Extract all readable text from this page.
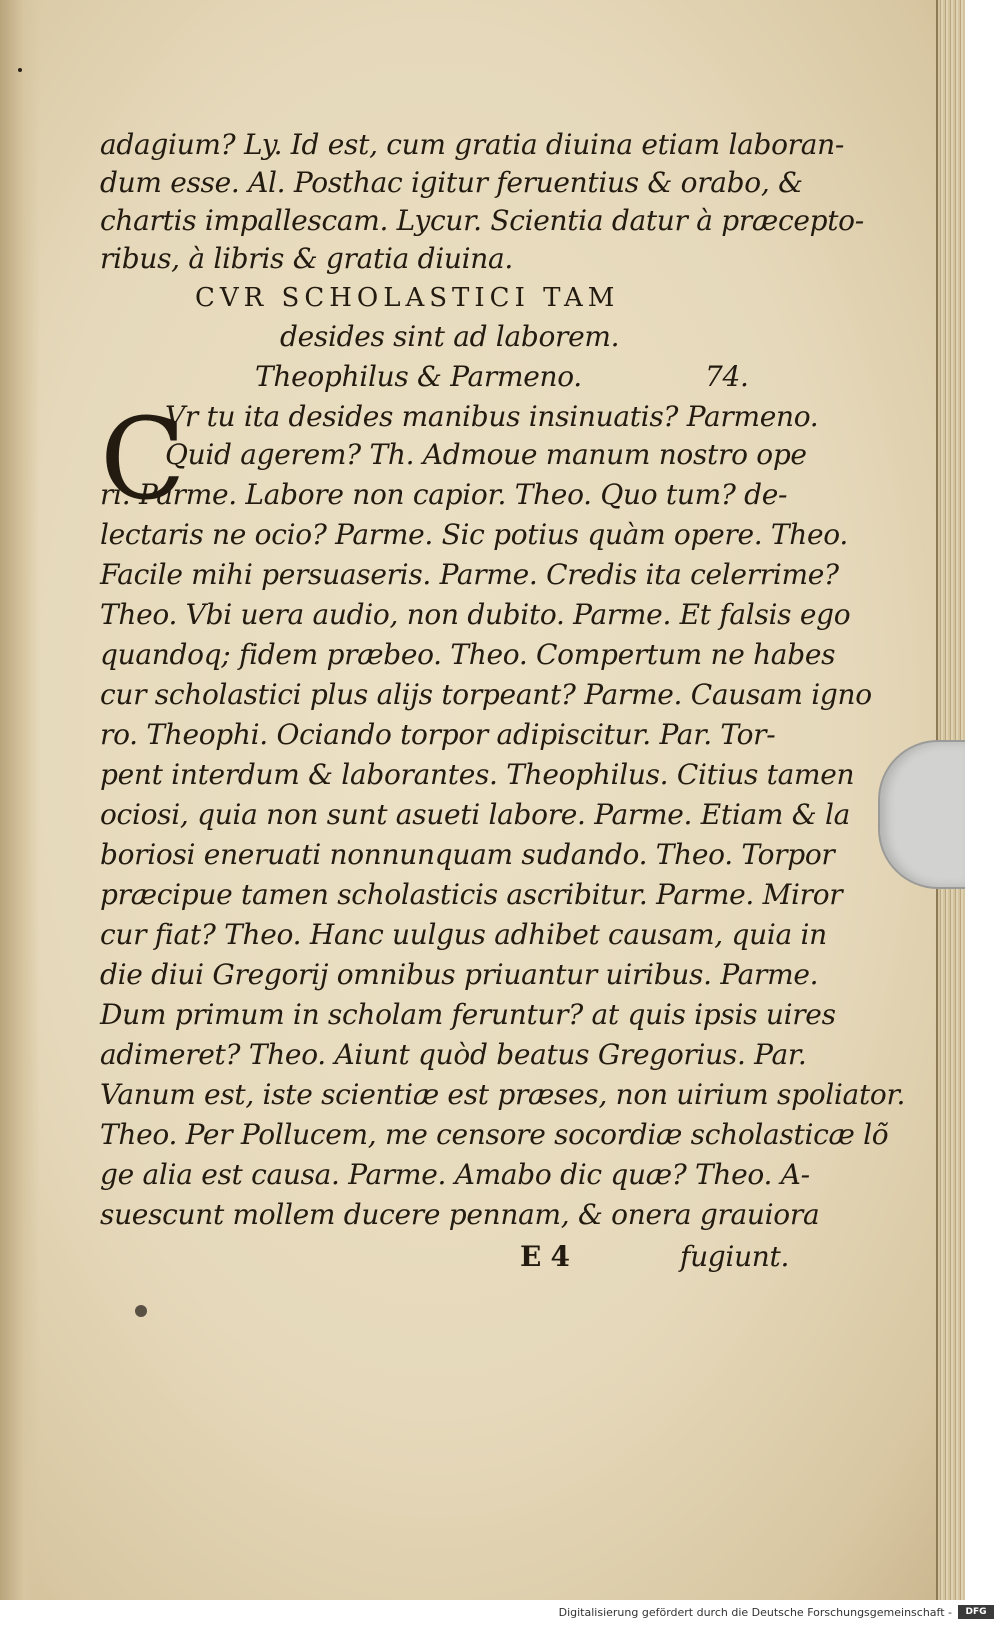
adagium? Ly. Id est, cum gratia diuina etiam laboran-
dum esse. Al. Posthac igitur feruentius & orabo, &
chartis impallescam. Lycur. Scientia datur à præcepto-
ribus, à libris & gratia diuina.
CVR SCHOLASTICI TAM
desides sint ad laborem.
Theophilus & Parmeno.	74.
Vr tu ita desides manibus insinuatis? Parmeno.
Quid agerem? Th. Admoue manum nostro ope
ri. Parme. Labore non capior. Theo. Quo tum? de-
lectaris ne ocio? Parme. Sic potius quàm opere. Theo.
Facile mihi persuaseris. Parme. Credis ita celerrime?
Theo. Vbi uera audio, non dubito. Parme. Et falsis ego
quandoq; fidem præbeo. Theo. Compertum ne habes
cur scholastici plus alijs torpeant? Parme. Causam igno
ro. Theophi. Ociando torpor adipiscitur. Par. Tor-
pent interdum & laborantes. Theophilus. Citius tamen
ociosi, quia non sunt asueti labore. Parme. Etiam & la
boriosi eneruati nonnunquam sudando. Theo. Torpor
præcipue tamen scholasticis ascribitur. Parme. Miror
cur fiat? Theo. Hanc uulgus adhibet causam, quia in
die diui Gregorij omnibus priuantur uiribus. Parme.
Dum primum in scholam feruntur? at quis ipsis uires
adimeret? Theo. Aiunt quòd beatus Gregorius. Par.
Vanum est, iste scientiæ est præses, non uirium spoliator.
Theo. Per Pollucem, me censore socordiæ scholasticæ lõ
ge alia est causa. Parme. Amabo dic quæ? Theo. A-
suescunt mollem ducere pennam, & onera grauiora
E 4	fugiunt.
C
Digitalisierung gefördert durch die Deutsche Forschungsgemeinschaft -	DFG
